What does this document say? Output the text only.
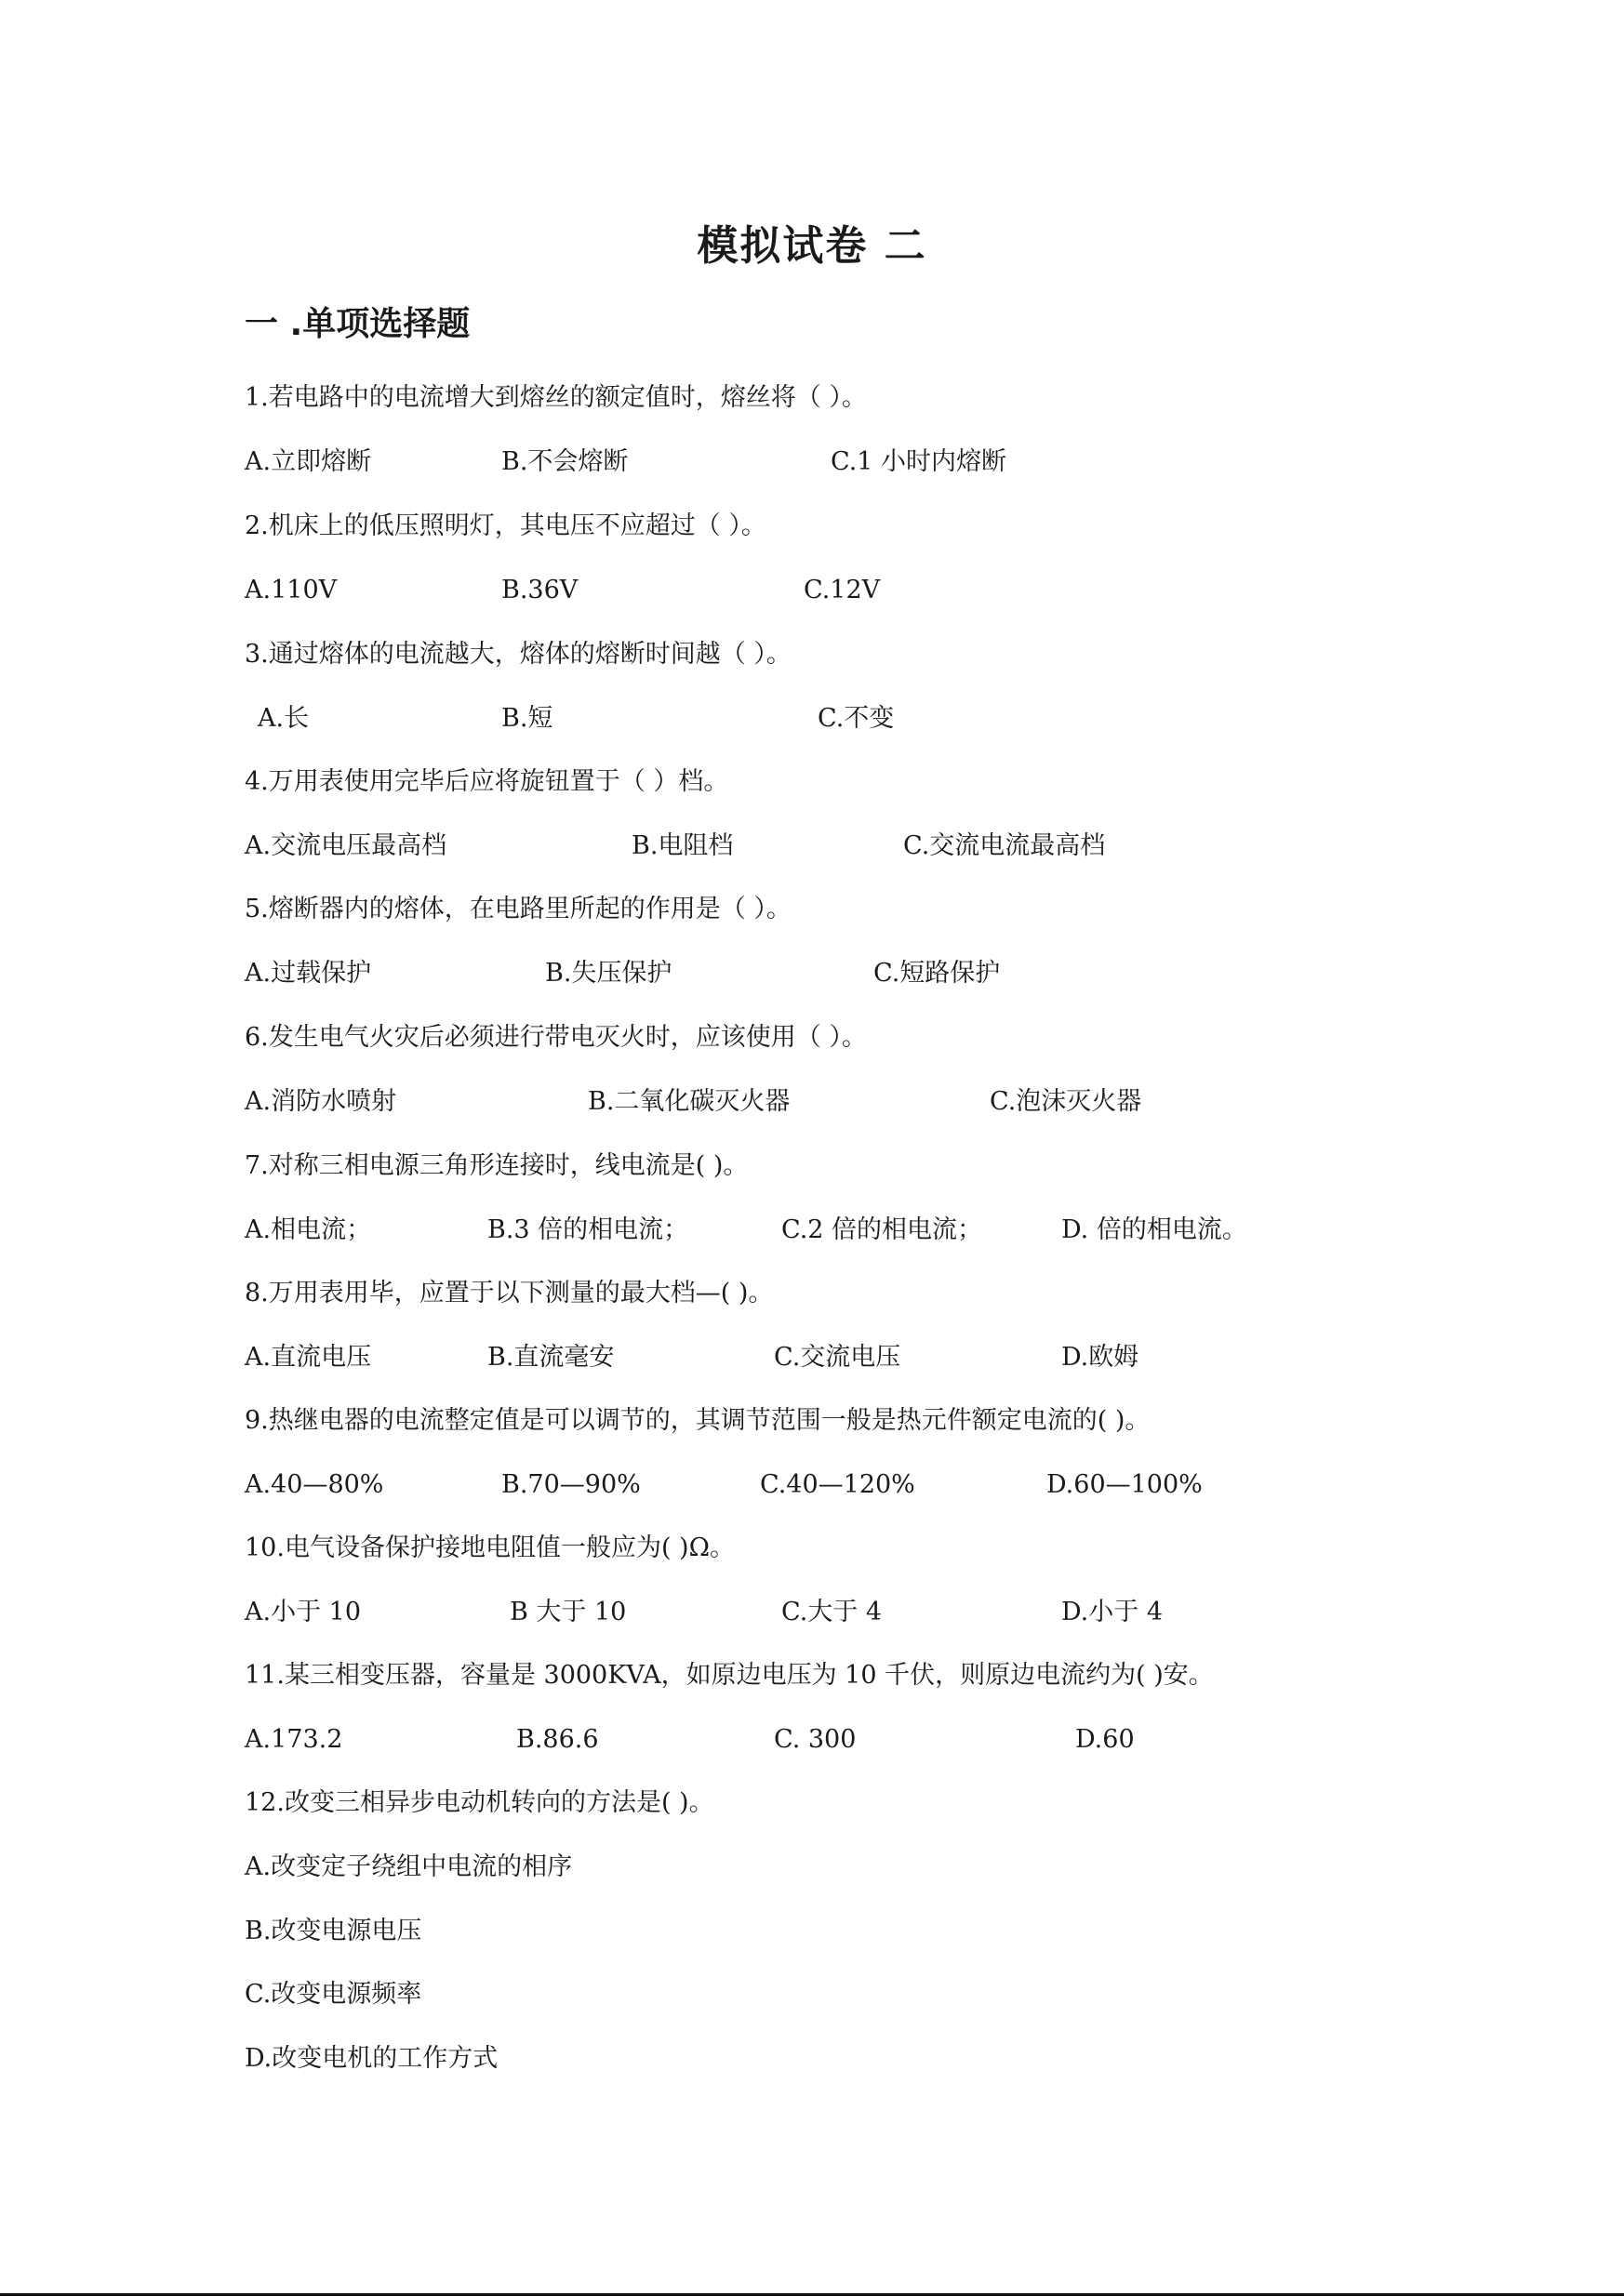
模拟试卷 二
一 .单项选择题
1.若电路中的电流增大到熔丝的额定值时，熔丝将（ ）。
A.立即熔断	B.不会熔断	C.1 小时内熔断
2.机床上的低压照明灯，其电压不应超过（ ）。
A.110V	B.36V	C.12V
3.通过熔体的电流越大，熔体的熔断时间越（ ）。
A.长	B.短	C.不变
4.万用表使用完毕后应将旋钮置于（ ）档。
A.交流电压最高档	B.电阻档	C.交流电流最高档
5.熔断器内的熔体，在电路里所起的作用是（ ）。
A.过载保护	B.失压保护	C.短路保护
6.发生电气火灾后必须进行带电灭火时，应该使用（ ）。
A.消防水喷射	B.二氧化碳灭火器	C.泡沫灭火器
7.对称三相电源三角形连接时，线电流是( )。
A.相电流；	B.3 倍的相电流；	C.2 倍的相电流；	D. 倍的相电流。
8.万用表用毕，应置于以下测量的最大档—( )。
A.直流电压	B.直流毫安	C.交流电压	D.欧姆
9.热继电器的电流整定值是可以调节的，其调节范围一般是热元件额定电流的( )。
A.40—80%	B.70—90%	C.40—120%	D.60—100%
10.电气设备保护接地电阻值一般应为( )Ω。
A.小于 10	B 大于 10	C.大于 4	D.小于 4
11.某三相变压器，容量是 3000KVA，如原边电压为 10 千伏，则原边电流约为( )安。
A.173.2	B.86.6	C. 300	D.60
12.改变三相异步电动机转向的方法是( )。
A.改变定子绕组中电流的相序
B.改变电源电压
C.改变电源频率
D.改变电机的工作方式
